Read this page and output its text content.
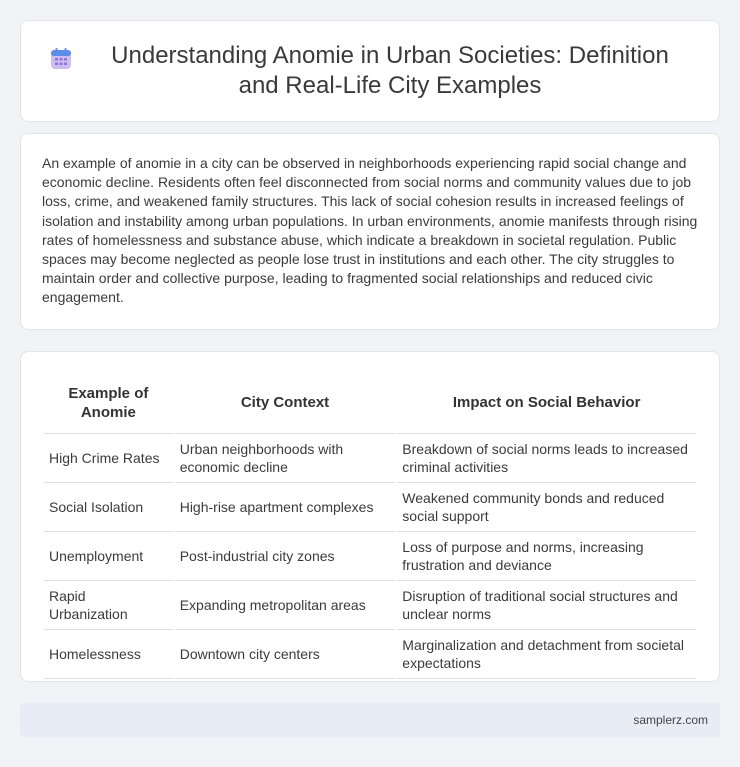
Understanding Anomie in Urban Societies: Definition and Real-Life City Examples

An example of anomie in a city can be observed in neighborhoods experiencing rapid social change and economic decline. Residents often feel disconnected from social norms and community values due to job loss, crime, and weakened family structures. This lack of social cohesion results in increased feelings of isolation and instability among urban populations. In urban environments, anomie manifests through rising rates of homelessness and substance abuse, which indicate a breakdown in societal regulation. Public spaces may become neglected as people lose trust in institutions and each other. The city struggles to maintain order and collective purpose, leading to fragmented social relationships and reduced civic engagement.

Example of Anomie	City Context	Impact on Social Behavior
High Crime Rates	Urban neighborhoods with economic decline	Breakdown of social norms leads to increased criminal activities
Social Isolation	High-rise apartment complexes	Weakened community bonds and reduced social support
Unemployment	Post-industrial city zones	Loss of purpose and norms, increasing frustration and deviance
Rapid Urbanization	Expanding metropolitan areas	Disruption of traditional social structures and unclear norms
Homelessness	Downtown city centers	Marginalization and detachment from societal expectations
samplerz.com
